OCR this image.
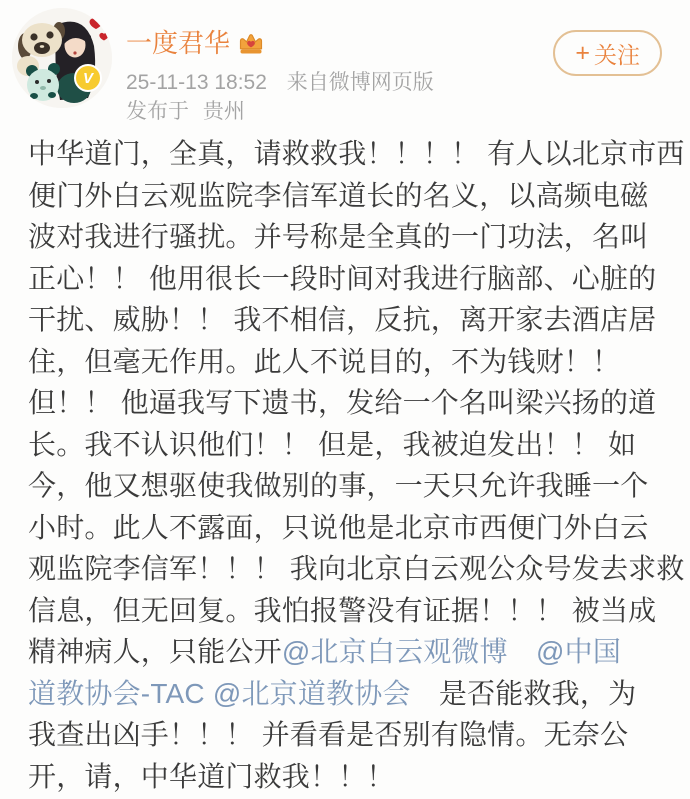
V
一度君华
25-11-13 18:52 来自微博网页版
发布于 贵州
+ 关注
中华道门，全真，请救救我！！！！ 有人以北京市西
便门外白云观监院李信军道长的名义，以高频电磁
波对我进行骚扰。并号称是全真的一门功法，名叫
正心！！ 他用很长一段时间对我进行脑部、心脏的
干扰、威胁！！ 我不相信，反抗，离开家去酒店居
住，但毫无作用。此人不说目的，不为钱财！！
但！！ 他逼我写下遗书，发给一个名叫梁兴扬的道
长。我不认识他们！！ 但是，我被迫发出！！ 如
今，他又想驱使我做别的事，一天只允许我睡一个
小时。此人不露面，只说他是北京市西便门外白云
观监院李信军！！！ 我向北京白云观公众号发去求救
信息，但无回复。我怕报警没有证据！！！ 被当成
精神病人，只能公开@北京白云观微博　 @中国
道教协会-TAC @北京道教协会　是否能救我，为
我查出凶手！！！ 并看看是否别有隐情。无奈公
开，请，中华道门救我！！！
